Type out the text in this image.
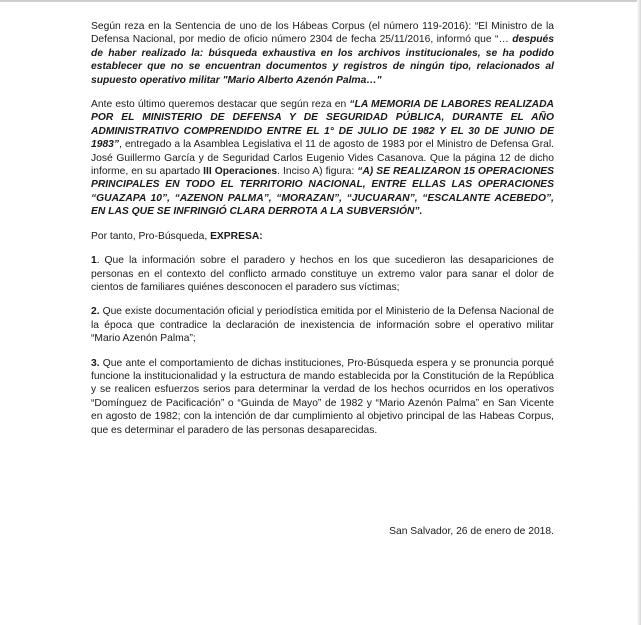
Según reza en la Sentencia de uno de los Hábeas Corpus (el número 119-2016): “El Ministro de la Defensa Nacional, por medio de oficio número 2304 de fecha 25/11/2016, informó que “… después de haber realizado la: búsqueda exhaustiva en los archivos institucionales, se ha podido establecer que no se encuentran documentos y registros de ningún tipo, relacionados al supuesto operativo militar "Mario Alberto Azenón Palma…"

Ante esto último queremos destacar que según reza en “LA MEMORIA DE LABORES REALIZADA POR EL MINISTERIO DE DEFENSA Y DE SEGURIDAD PÚBLICA, DURANTE EL AÑO ADMINISTRATIVO COMPRENDIDO ENTRE EL 1° DE JULIO DE 1982 Y EL 30 DE JUNIO DE 1983”, entregado a la Asamblea Legislativa el 11 de agosto de 1983 por el Ministro de Defensa Gral. José Guillermo García y de Seguridad Carlos Eugenio Vides Casanova. Que la página 12 de dicho informe, en su apartado III Operaciones. Inciso A) figura: “A) SE REALIZARON 15 OPERACIONES PRINCIPALES EN TODO EL TERRITORIO NACIONAL, ENTRE ELLAS LAS OPERACIONES “GUAZAPA 10”, “AZENON PALMA”, “MORAZAN”, “JUCUARAN”, “ESCALANTE ACEBEDO”, EN LAS QUE SE INFRINGIÓ CLARA DERROTA A LA SUBVERSIÓN”.

Por tanto, Pro-Búsqueda, EXPRESA:

1. Que la información sobre el paradero y hechos en los que sucedieron las desapariciones de personas en el contexto del conflicto armado constituye un extremo valor para sanar el dolor de cientos de familiares quiénes desconocen el paradero sus víctimas;

2. Que existe documentación oficial y periodística emitida por el Ministerio de la Defensa Nacional de la época que contradice la declaración de inexistencia de información sobre el operativo militar “Mario Azenón Palma”;

3. Que ante el comportamiento de dichas instituciones, Pro-Búsqueda espera y se pronuncia porqué funcione la institucionalidad y la estructura de mando establecida por la Constitución de la República y se realicen esfuerzos serios para determinar la verdad de los hechos ocurridos en los operativos “Domínguez de Pacificación” o “Guinda de Mayo” de 1982 y “Mario Azenón Palma” en San Vicente en agosto de 1982; con la intención de dar cumplimiento al objetivo principal de las Habeas Corpus, que es determinar el paradero de las personas desaparecidas.

San Salvador, 26 de enero de 2018.
